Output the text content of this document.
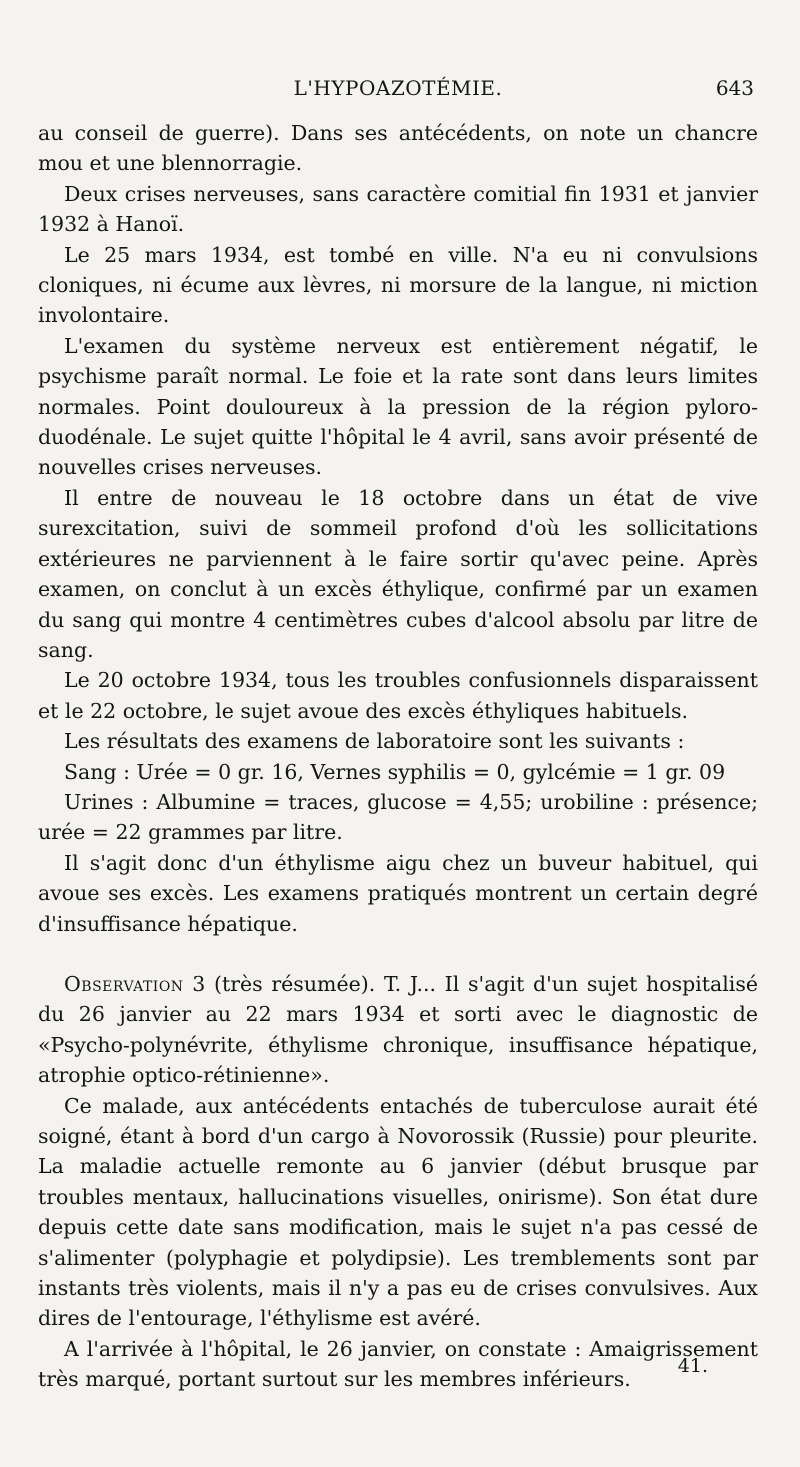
L'HYPOAZOTÉMIE.	643

au conseil de guerre). Dans ses antécédents, on note un chancre mou et une blennorragie.

Deux crises nerveuses, sans caractère comitial fin 1931 et janvier 1932 à Hanoï.

Le 25 mars 1934, est tombé en ville. N'a eu ni convulsions cloniques, ni écume aux lèvres, ni morsure de la langue, ni miction involontaire.

L'examen du système nerveux est entièrement négatif, le psychisme paraît normal. Le foie et la rate sont dans leurs limites normales. Point douloureux à la pression de la région pyloro-duodénale. Le sujet quitte l'hôpital le 4 avril, sans avoir présenté de nouvelles crises nerveuses.

Il entre de nouveau le 18 octobre dans un état de vive surexcitation, suivi de sommeil profond d'où les sollicitations extérieures ne parviennent à le faire sortir qu'avec peine. Après examen, on conclut à un excès éthylique, confirmé par un examen du sang qui montre 4 centimètres cubes d'alcool absolu par litre de sang.

Le 20 octobre 1934, tous les troubles confusionnels disparaissent et le 22 octobre, le sujet avoue des excès éthyliques habituels.

Les résultats des examens de laboratoire sont les suivants :

Sang : Urée = 0 gr. 16, Vernes syphilis = 0, gylcémie = 1 gr. 09

Urines : Albumine = traces, glucose = 4,55; urobiline : présence; urée = 22 grammes par litre.

Il s'agit donc d'un éthylisme aigu chez un buveur habituel, qui avoue ses excès. Les examens pratiqués montrent un certain degré d'insuffisance hépatique.

Observation 3 (très résumée). T. J... Il s'agit d'un sujet hospitalisé du 26 janvier au 22 mars 1934 et sorti avec le diagnostic de «Psycho-polynévrite, éthylisme chronique, insuffisance hépatique, atrophie optico-rétinienne».

Ce malade, aux antécédents entachés de tuberculose aurait été soigné, étant à bord d'un cargo à Novorossik (Russie) pour pleurite. La maladie actuelle remonte au 6 janvier (début brusque par troubles mentaux, hallucinations visuelles, onirisme). Son état dure depuis cette date sans modification, mais le sujet n'a pas cessé de s'alimenter (polyphagie et polydipsie). Les tremblements sont par instants très violents, mais il n'y a pas eu de crises convulsives. Aux dires de l'entourage, l'éthylisme est avéré.

A l'arrivée à l'hôpital, le 26 janvier, on constate : Amaigrissement très marqué, portant surtout sur les membres inférieurs.

41.
